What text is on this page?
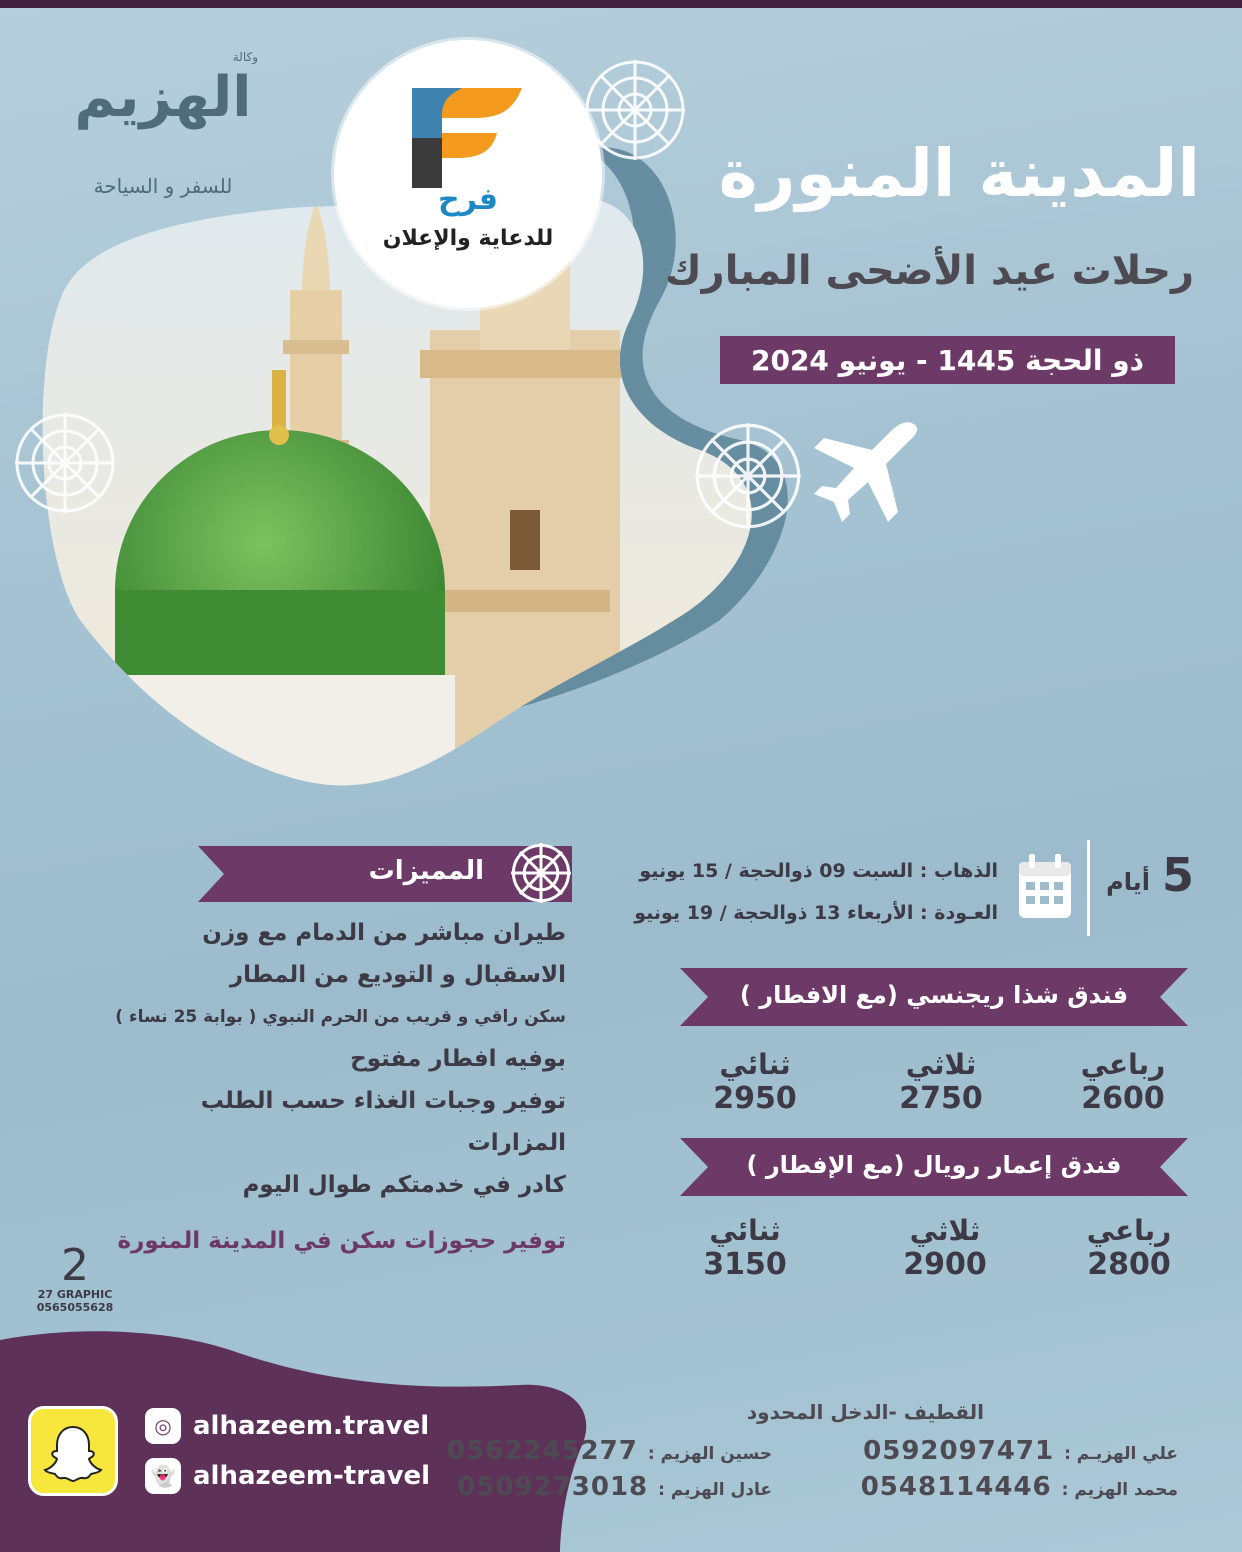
وكالة
الهزيم
للسفر و السياحة	فرح
للدعاية والإعلان
المدينة المنورة
رحلات عيد الأضحى المبارك
ذو الحجة 1445 - يونيو 2024
المميزات
طيران مباشر من الدمام مع وزن
الاسقبال و التوديع من المطار
سكن راقي و قريب من الحرم النبوي ( بوابة 25 نساء )
بوفيه افطار مفتوح
توفير وجبات الغذاء حسب الطلب
المزارات
كادر في خدمتكم طوال اليوم
توفير حجوزات سكن في المدينة المنورة
5
أيام
الذهاب : السبت 09 ذوالحجة / 15 يونيو
العـودة : الأربعاء 13 ذوالحجة / 19 يونيو
فندق شذا ريجنسي (مع الافطار )
رباعي
2600
ثلاثي
2750
ثنائي
2950
فندق إعمار رويال (مع الإفطار )
رباعي
2800
ثلاثي
2900
ثنائي
3150
2
27 GRAPHIC
0565055628
◎ alhazeem.travel
👻 alhazeem-travel
القطيف -الدخل المحدود
علي الهزيـم :
0592097471
حسين الهزيم :
0562245277
محمد الهزيم :
0548114446
عادل الهزيم :
0509273018
